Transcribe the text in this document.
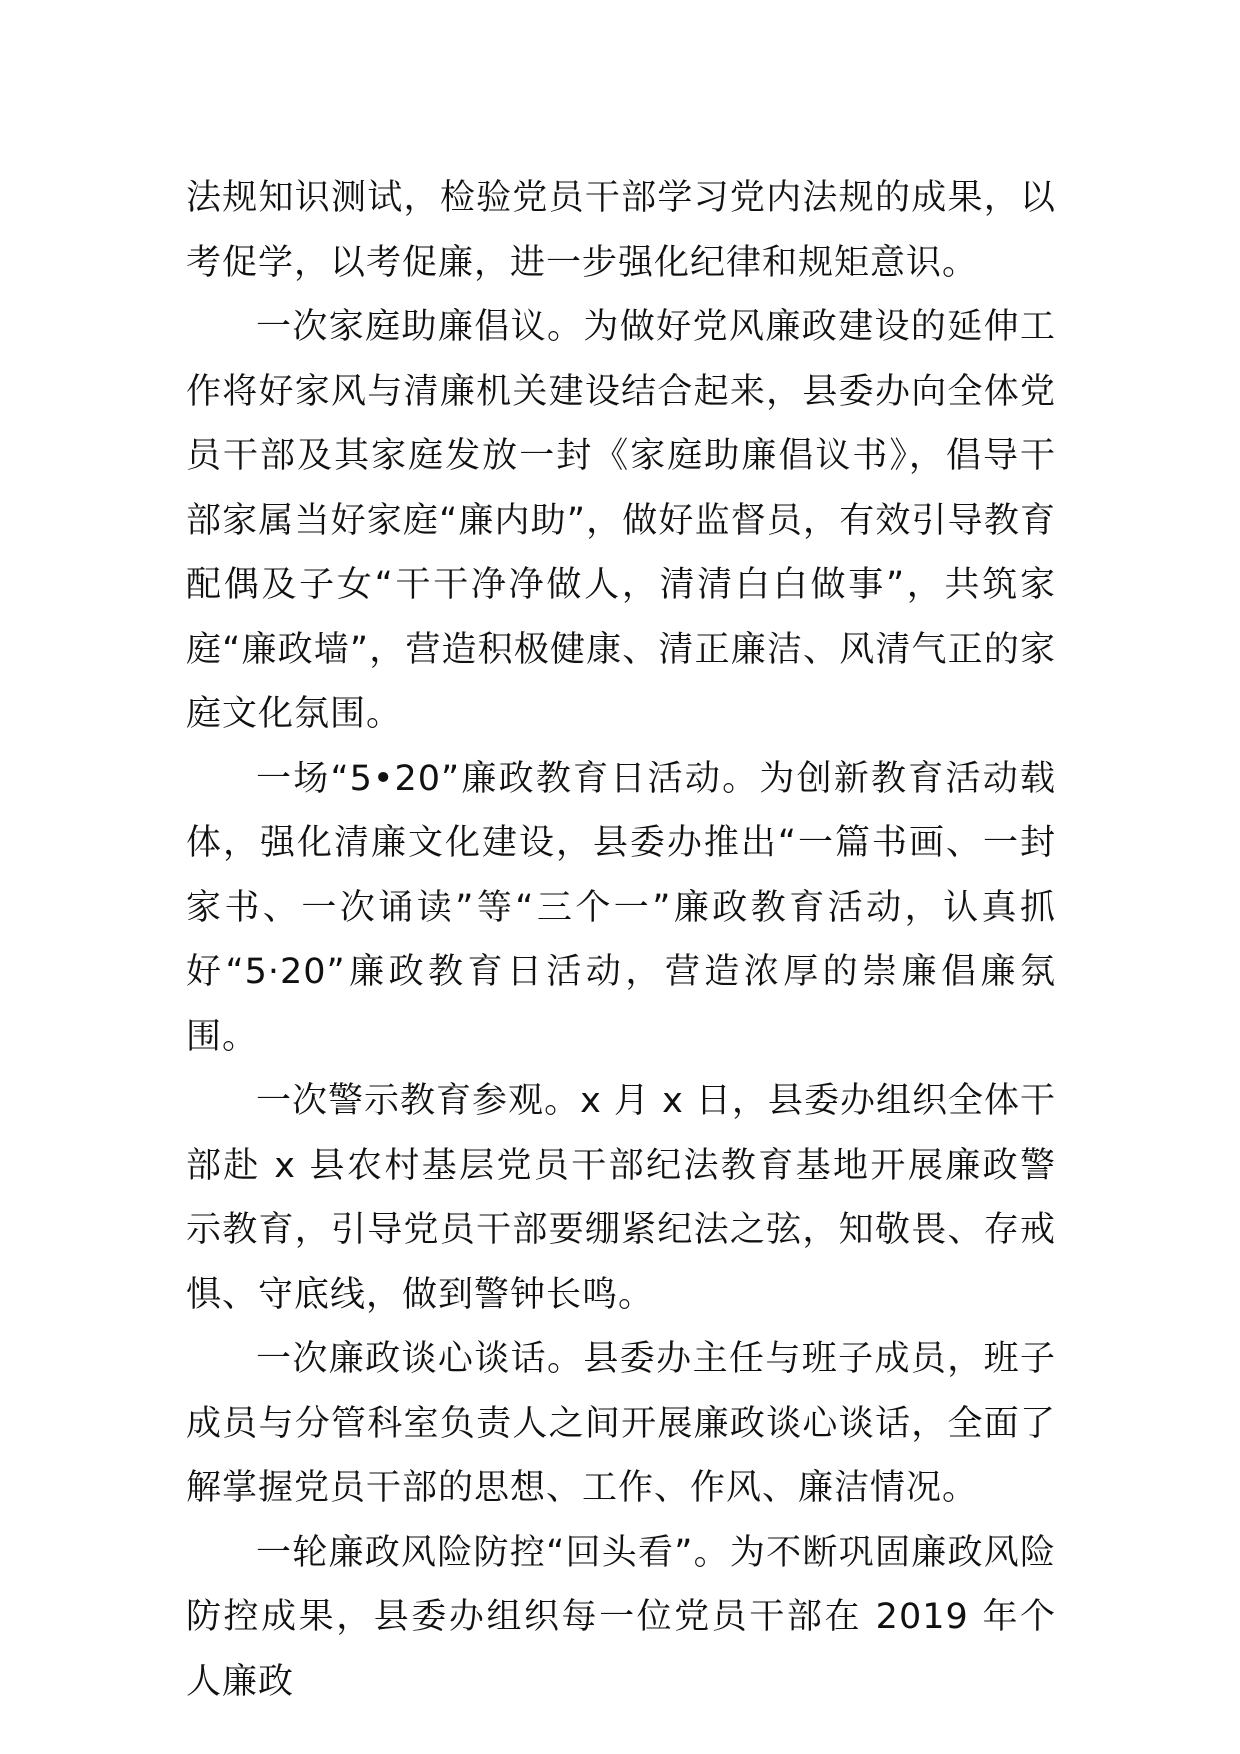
法规知识测试，检验党员干部学习党内法规的成果，以考促学，以考促廉，进一步强化纪律和规矩意识。

一次家庭助廉倡议。为做好党风廉政建设的延伸工作将好家风与清廉机关建设结合起来，县委办向全体党员干部及其家庭发放一封《家庭助廉倡议书》，倡导干部家属当好家庭“廉内助”，做好监督员，有效引导教育配偶及子女“干干净净做人，清清白白做事”，共筑家庭“廉政墙”，营造积极健康、清正廉洁、风清气正的家庭文化氛围。

一场“5•20”廉政教育日活动。为创新教育活动载体，强化清廉文化建设，县委办推出“一篇书画、一封家书、一次诵读”等“三个一”廉政教育活动，认真抓好“5·20”廉政教育日活动，营造浓厚的崇廉倡廉氛围。

一次警示教育参观。x 月 x 日，县委办组织全体干部赴 x 县农村基层党员干部纪法教育基地开展廉政警示教育，引导党员干部要绷紧纪法之弦，知敬畏、存戒惧、守底线，做到警钟长鸣。

一次廉政谈心谈话。县委办主任与班子成员，班子成员与分管科室负责人之间开展廉政谈心谈话，全面了解掌握党员干部的思想、工作、作风、廉洁情况。

一轮廉政风险防控“回头看”。为不断巩固廉政风险防控成果，县委办组织每一位党员干部在 2019 年个人廉政
